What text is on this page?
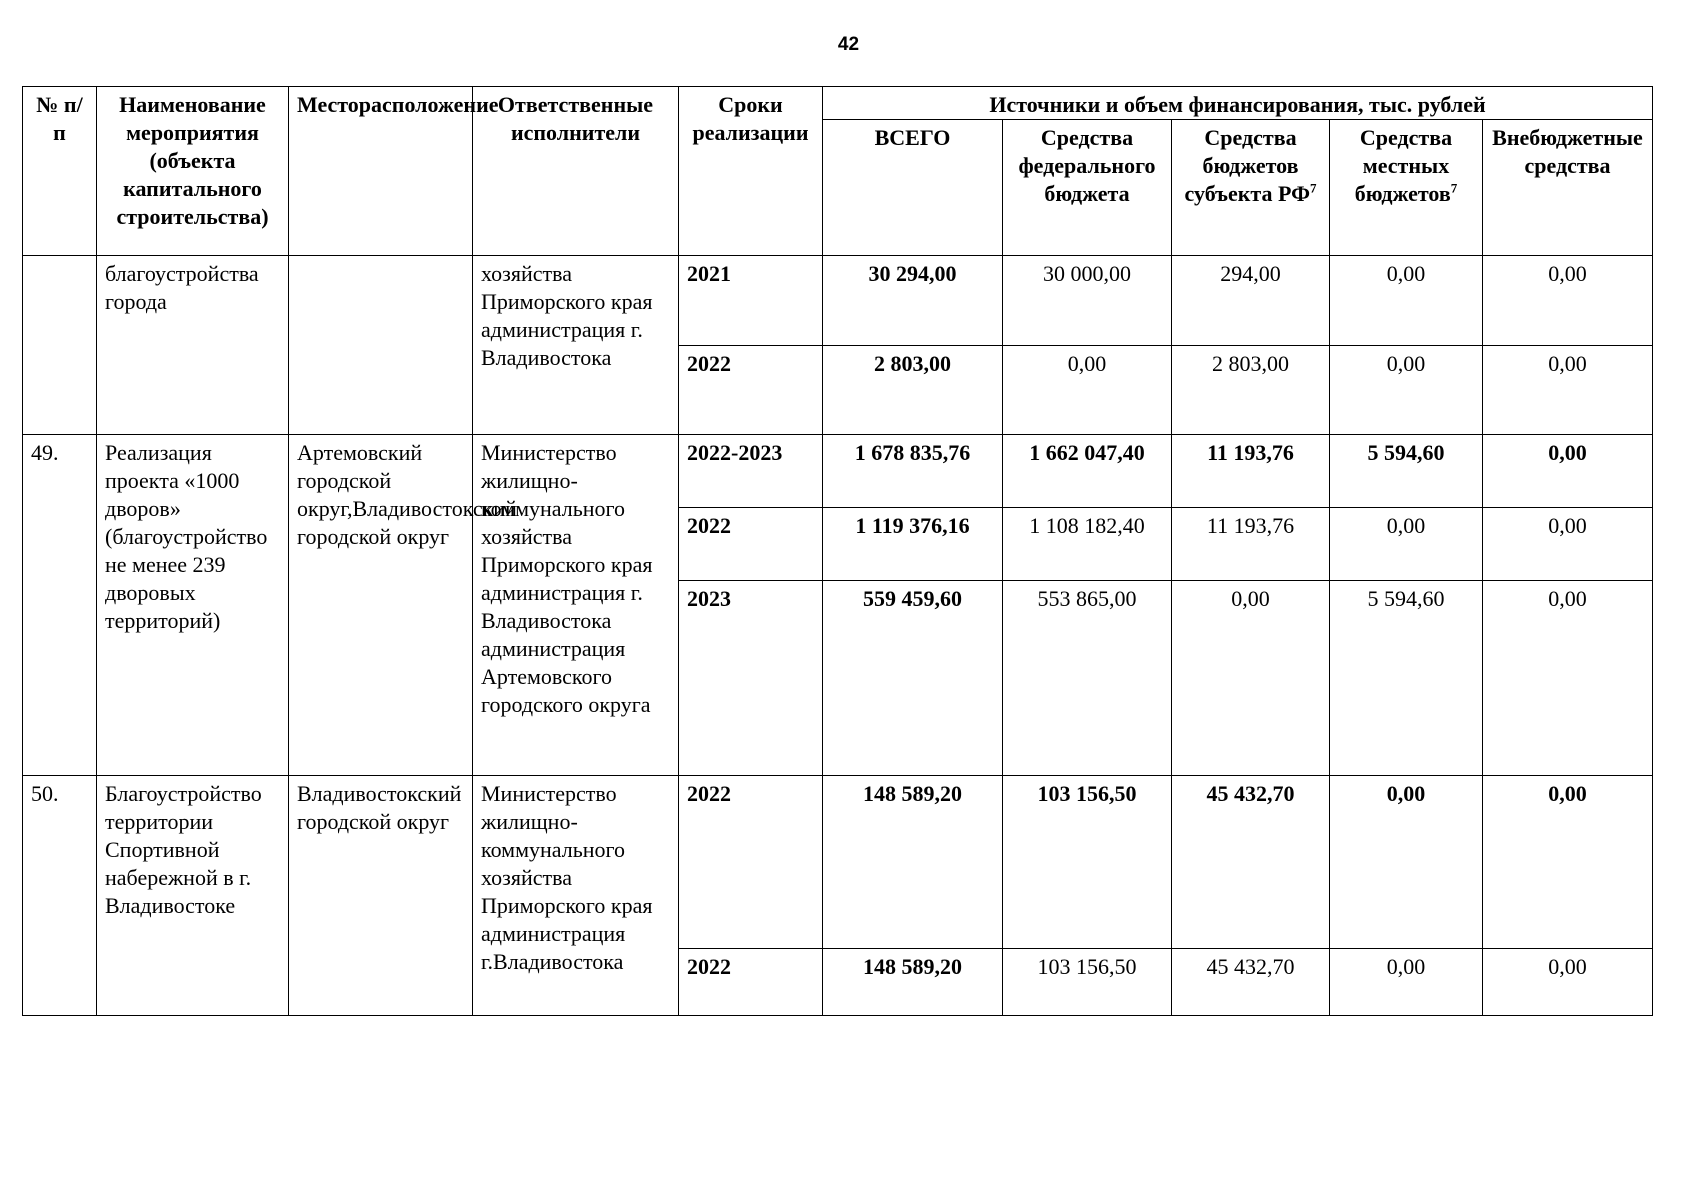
42
№ п/п	Наименование мероприятия (объекта капитального строительства)	Месторасположение	Ответственные исполнители	Сроки реализации	Источники и объем финансирования, тыс. рублей				
					ВСЕГО	Средства федерального бюджета	Средства бюджетов субъекта $РФ^7$	Средства местных бюджетов$^7$	Внебюджетные средства
	благоустройства города		хозяйства Приморского края администрация г. Владивостока	2021	30 294,00	30 000,00	294,00	0,00	0,00
				2022	2 803,00	0,00	2 803,00	0,00	0,00
49.	Реализация проекта «1000 дворов» (благоустройство не менее 239 дворовых территорий)	Артемовский городской округ,Владивостокский городской округ	Министерство жилищно-коммунального хозяйства Приморского края администрация г. Владивостока администрация Артемовского городского округа	2022-2023	1 678 835,76	1 662 047,40	11 193,76	5 594,60	0,00
				2022	1 119 376,16	1 108 182,40	11 193,76	0,00	0,00
				2023	559 459,60	553 865,00	0,00	5 594,60	0,00
50.	Благоустройство территории Спортивной набережной в г. Владивостоке	Владивостокский городской округ	Министерство жилищно-коммунального хозяйства Приморского края администрация г.Владивостока	2022	148 589,20	103 156,50	45 432,70	0,00	0,00
				2022	148 589,20	103 156,50	45 432,70	0,00	0,00
